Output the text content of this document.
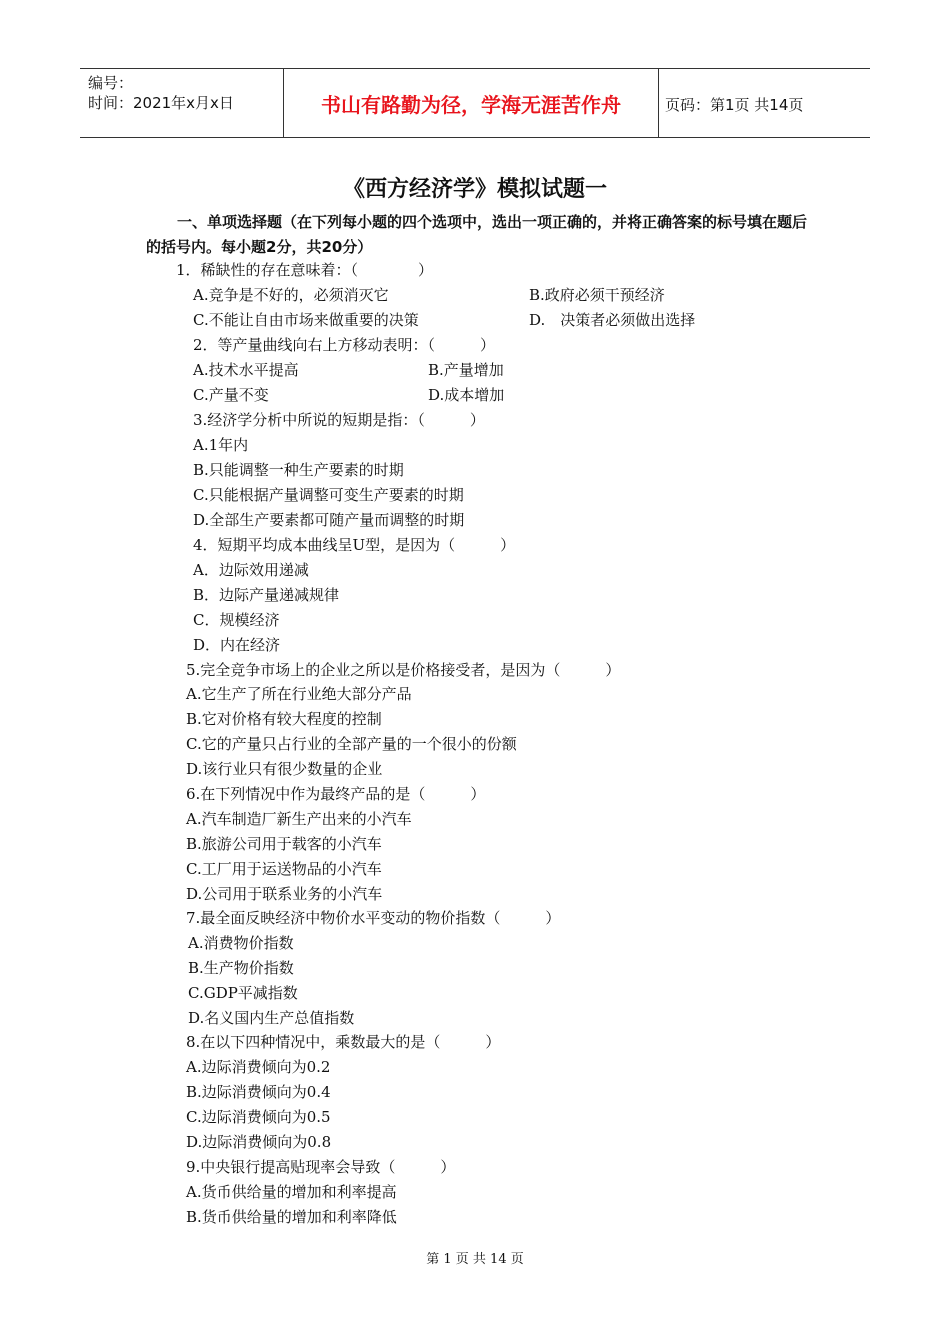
编号：
时间：2021年x月x日	书山有路勤为径，学海无涯苦作舟	页码：第1页 共14页
《西方经济学》模拟试题一
一、单项选择题（在下列每小题的四个选项中，选出一项正确的，并将正确答案的标号填在题后的括号内。每小题2分，共20分）
1．稀缺性的存在意味着：（　　　　）
A.竞争是不好的，必须消灭它	B.政府必须干预经济
C.不能让自由市场来做重要的决策	D.　决策者必须做出选择
2．等产量曲线向右上方移动表明：（　　　）
A.技术水平提高	B.产量增加
C.产量不变	D.成本增加
3.经济学分析中所说的短期是指：（　　　）
A.1年内
B.只能调整一种生产要素的时期
C.只能根据产量调整可变生产要素的时期
D.全部生产要素都可随产量而调整的时期
4．短期平均成本曲线呈U型，是因为（　　　）
A．边际效用递减
B．边际产量递减规律
C．规模经济
D．内在经济
5.完全竞争市场上的企业之所以是价格接受者，是因为（　　　）
A.它生产了所在行业绝大部分产品
B.它对价格有较大程度的控制
C.它的产量只占行业的全部产量的一个很小的份额
D.该行业只有很少数量的企业
6.在下列情况中作为最终产品的是（　　　）
A.汽车制造厂新生产出来的小汽车
B.旅游公司用于载客的小汽车
C.工厂用于运送物品的小汽车
D.公司用于联系业务的小汽车
7.最全面反映经济中物价水平变动的物价指数（　　　）
A.消费物价指数
B.生产物价指数
C.GDP平减指数
D.名义国内生产总值指数
8.在以下四种情况中，乘数最大的是（　　　）
A.边际消费倾向为0.2
B.边际消费倾向为0.4
C.边际消费倾向为0.5
D.边际消费倾向为0.8
9.中央银行提高贴现率会导致（　　　）
A.货币供给量的增加和利率提高
B.货币供给量的增加和利率降低
第 1 页 共 14 页
